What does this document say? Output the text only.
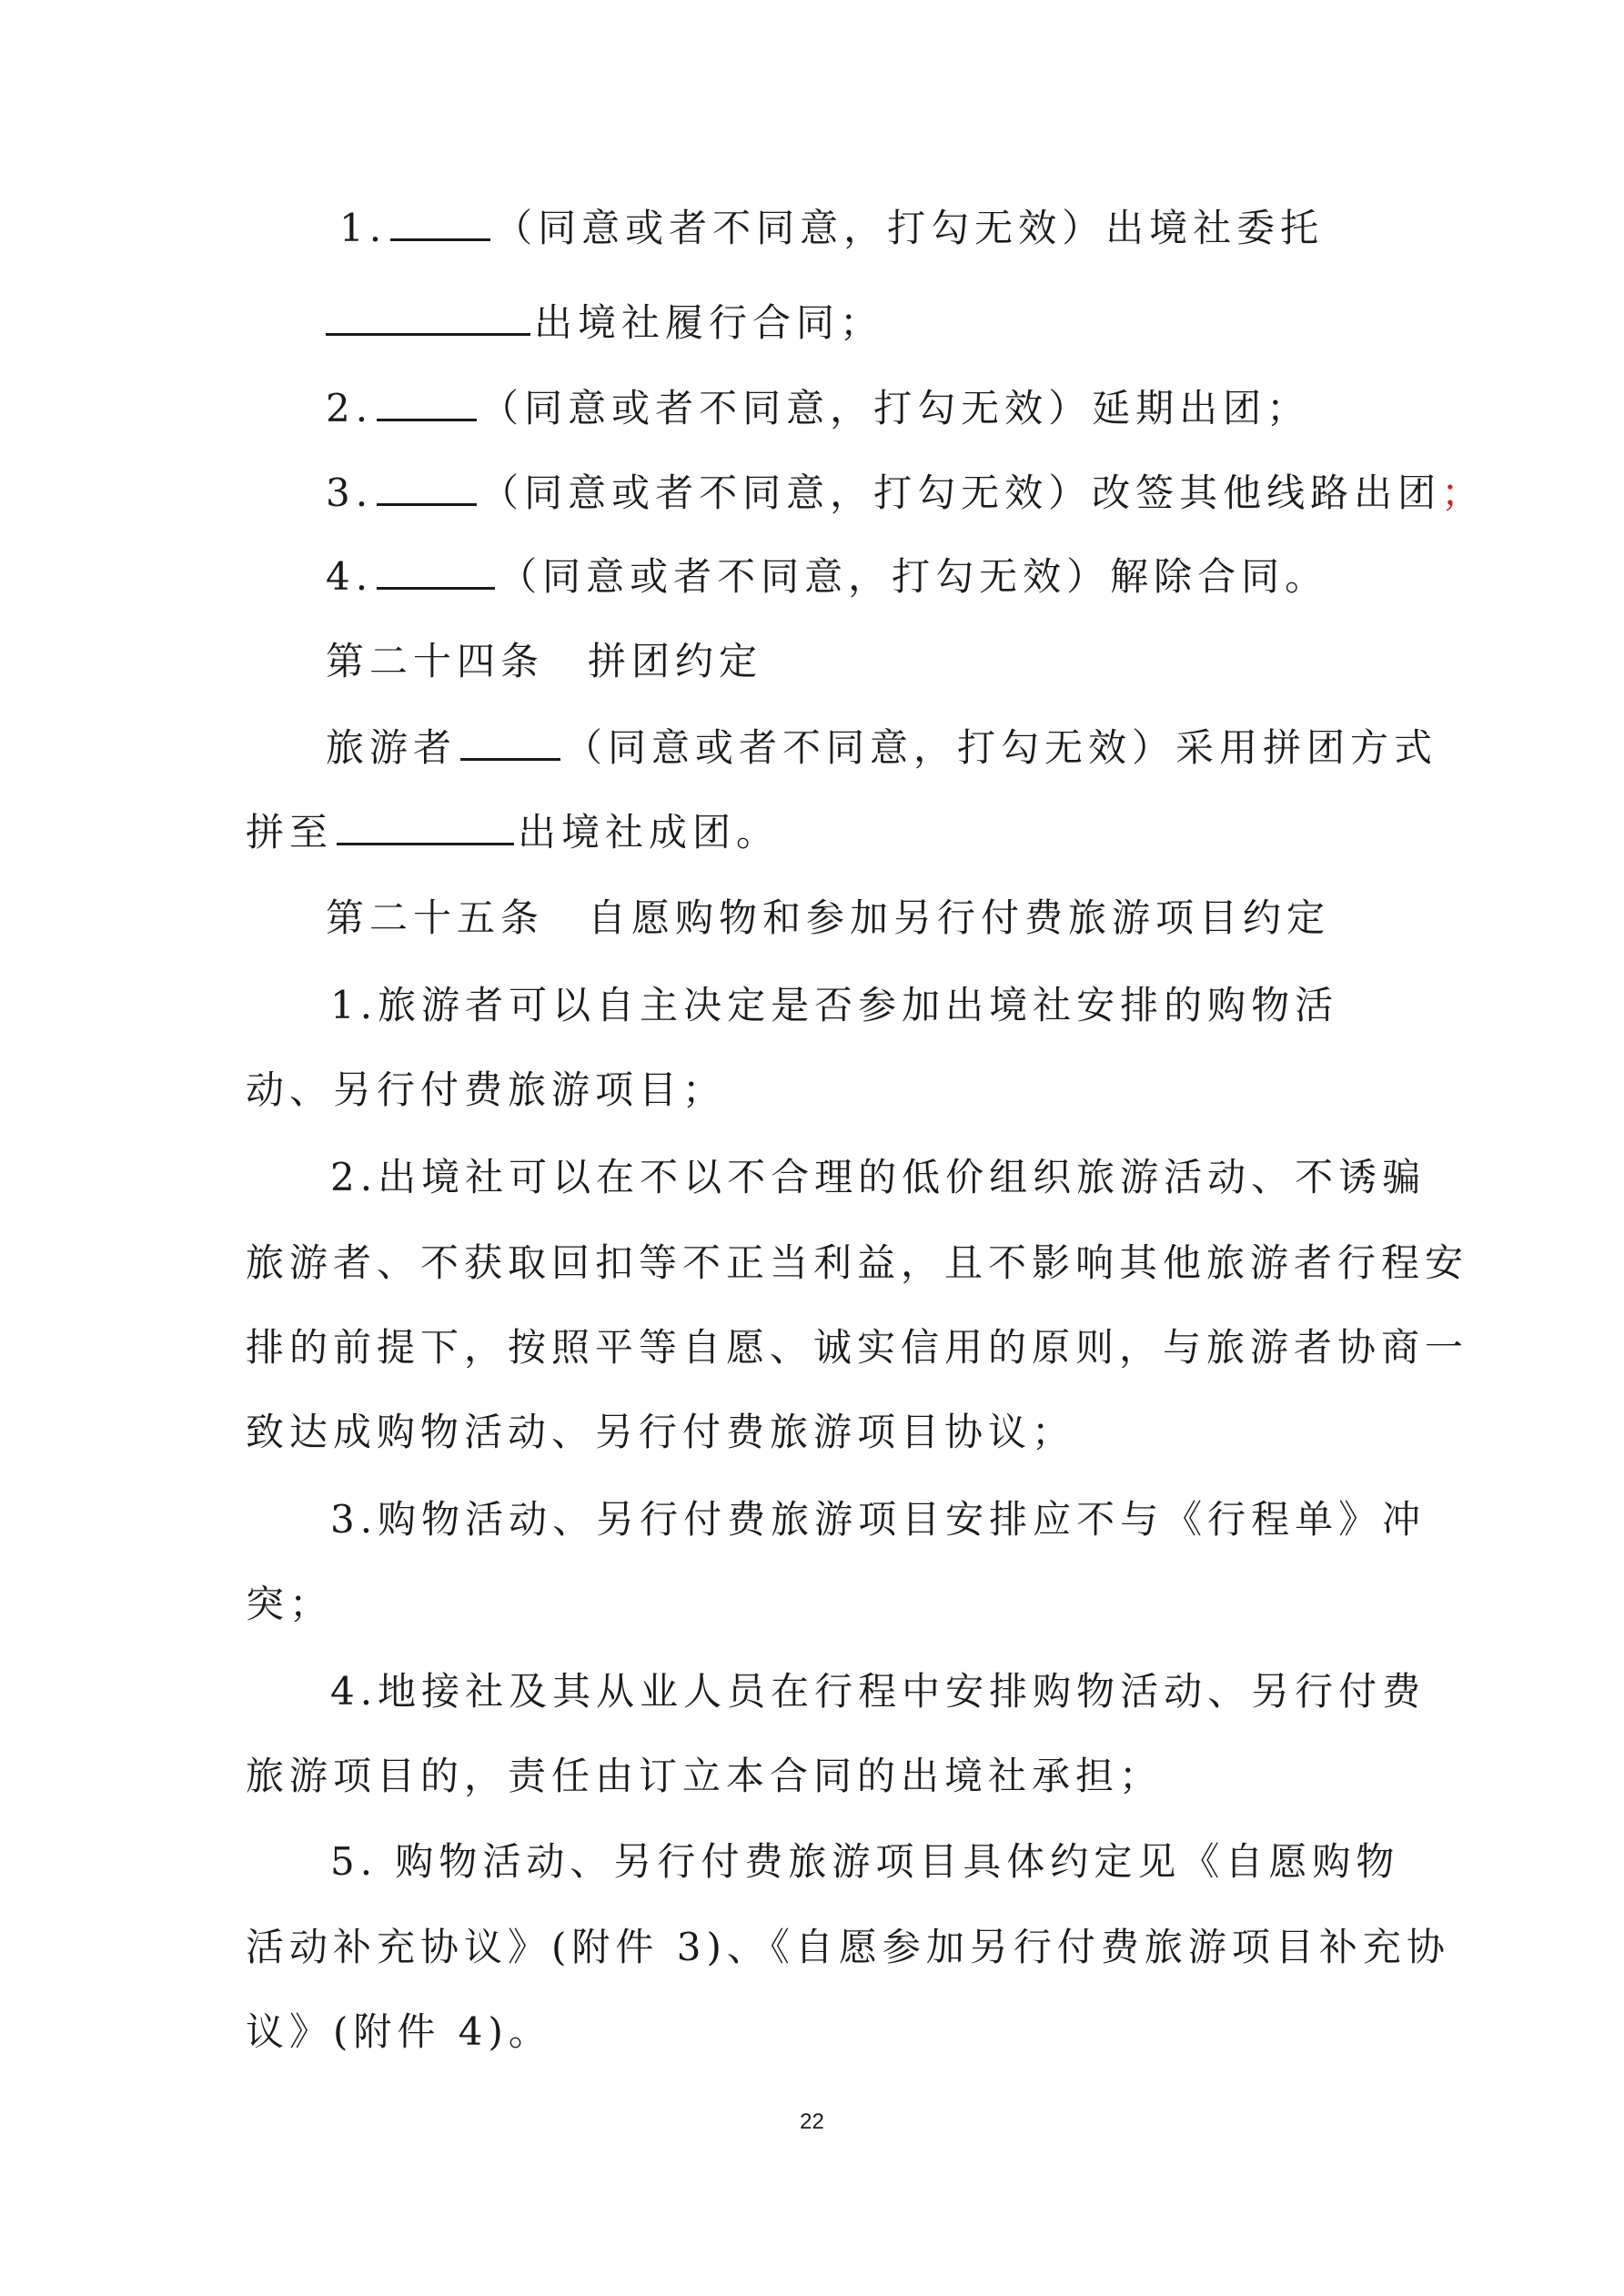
1.	（同意或者不同意，打勾无效）出境社委托
出境社履行合同；
2.	（同意或者不同意，打勾无效）延期出团；
3.	（同意或者不同意，打勾无效）改签其他线路出团；
4.	（同意或者不同意，打勾无效）解除合同。
第二十四条　拼团约定
旅游者	（同意或者不同意，打勾无效）采用拼团方式
拼至	出境社成团。
第二十五条　自愿购物和参加另行付费旅游项目约定
1.旅游者可以自主决定是否参加出境社安排的购物活
动、另行付费旅游项目；
2.出境社可以在不以不合理的低价组织旅游活动、不诱骗
旅游者、不获取回扣等不正当利益，且不影响其他旅游者行程安
排的前提下，按照平等自愿、诚实信用的原则，与旅游者协商一
致达成购物活动、另行付费旅游项目协议；
3.购物活动、另行付费旅游项目安排应不与《行程单》冲
突；
4.地接社及其从业人员在行程中安排购物活动、另行付费
旅游项目的，责任由订立本合同的出境社承担；
5. 购物活动、另行付费旅游项目具体约定见《自愿购物
活动补充协议》(附件 3)、《自愿参加另行付费旅游项目补充协
议》(附件 4)。
22
